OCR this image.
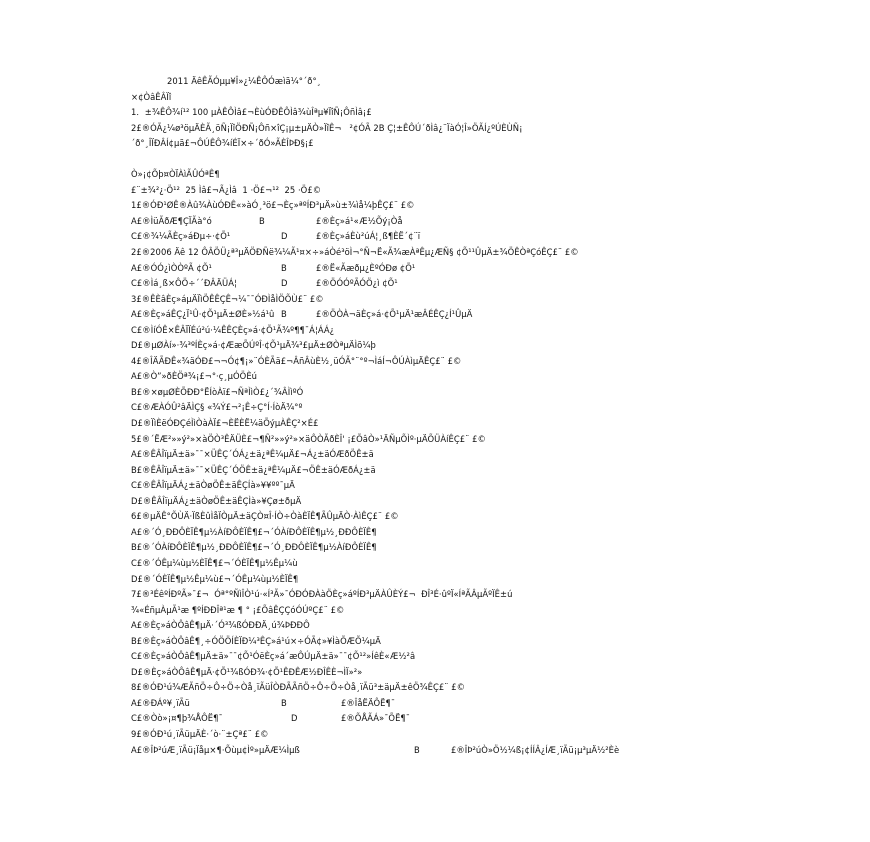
2011 ÄêÊÃÓµµ¥Î»¿¼ÊÔÓæìã¼°´ð°¸
×¢ÒâÊÂÏî
1．±¾ÊÔ¾í¹² 100 µÀÊÔÌâ£¬ÈùÓÐÊÔÌâ¾ùÎªµ¥ÏîÑ¡ÔñÌâ¡£
2£®ÓÃ¿¼ø³öµÄÈÃ¸öÑ¡ÏîÖÐÑ¡Ôñ×îÇ¡µ±µÄÒ»ÏîÊ¬   ²¢ÓÃ 2B Ç¦±ÊÔÚ´ðÌâ¿¨ÏàÓ¦Î»ÖÃÍ¿ºÚÈÙÑ¡
´ð°¸ÎÏÐÂÍ¢µã£¬ÔÚÊÔ¾íÉÏ×÷´ðÓ»ÃÈÎÞÐ§¡£
Ò»¡¢Õþ¤ÒÏÀìÃÛÓªÊ¶
£¨±¾²¿·Ö¹²  25 Ìâ£¬Ã¿Ìâ  1 ·Ö£¬¹²  25 ·Ö£©
1£®ÓÐ¹ØÊ®Àû¾ÀùÓÐÊ«»àÓ¸³ö£¬Èç»ªºÍÐ³µÄ»ù±¾ìå¼þÊÇ£¨ £©
A£®ÌüÃðÆ¶ÇÏÃà°ó	B	£®Èç»á¹«Æ½Õý¡Òå
C£®¾¼ÃÈç»áÐµ÷·¢Õ¹	D	£®Èç»áÈù²úÁ¦¸ß¶ÈË´¢¨ï
2£®2006 Äê 12 ÔÂÖÜ¿ª³µÄÖÐÑë¾¼Ã¹¤×÷»áÒé³öÌ¬°Ñ¬Ë«Ã¾æÀªÊµ¿ÆÑ§ ¢Õ¹¹ÛµÄ±¾ÖÊÒªÇóÊÇ£¨ £©
A£®ÓÓ¿ìÒÒºÃ ¢Õ¹	B	£®Ë«Ãæðµ¿ÈºÓÐø ¢Õ¹
C£®Ìá¸ß×ÔÖ÷´´ÐÂÄÜÁ¦	D	£®ÖÓÓºÃÓÖ¿ì ¢Õ¹
3£®ÊÈâÈç»áµÄÏìÖÊÊÇÊ¬¼¯¯ÓÐÌåÌÖÕÙ£¨ £©
A£®Èç»áÊÇ¿Ï¹Û·¢Õ¹µÄ±ØÈ»½á¹û B	£®ÖÒÀ¬äÈç»á·¢Õ¹µÄ¹æÂÉÊÇ¿Í¹ÛµÄ
C£®ÌíÓÊ×ÊÂÏÏÉú²ú·¼ÊÊÇÈç»á·¢Õ¹Ã¾º¶¶¯Á¦ÁÁ¿
D£®µØÀí»·¾³ºÍÈç»á·¢ÆæÕÚºÎ·¢Õ¹µÄ¾³£µÄ±ØÒªµÄÌõ¼þ
4£®ÎÄÃÐÊ«¾äÓÐ£¬¬Ó¢¶¡»¨ÓÈÃä£¬ÂñÂùÈ½¸üÓÃ°¨°º¬ÌáÍ¬ÔÚÀìµÄÊÇ£¨ £©
A£®Ò”»ðÈÖª¾¡£¬°·ç¸µÓÖÈú
B£®×øµØÈÕÐÐ°ËÍòÀï£¬ÑªÌìÒ£¿´¾ÂÌìºÓ
C£®ÆÀÓÛ²âÄÌÇ§ «¾Ý£¬²¡Ê÷Ç°Í·ÍòÄ¾°º
D£®ÏìÈëÓÐÇéÌìÒàÀÏ£¬ÈËÈË¼äÕýµÀÊÇ²×É£
5£®´ËÆ²»»ý²»×àÖÒ³ÊÄÜÈ£¬¶Ñ²»»ý²»×äÔÒÃðÈÎ' ¡£ÕâÒ»¹ÄÑµÕÌº·µÄÕÜÀíÊÇ£¨ £©
A£®ÊÂÎïµÄ±ä»¯¯×ÜÊÇ´ÓÁ¿±ä¿ªÊ¼µÄ£¬Á¿±äÓÆðÖÊ±ä
B£®ÊÂÎïµÄ±ä»¯¯×ÜÊÇ´ÓÖÊ±ä¿ªÊ¼µÄ£¬ÖÊ±äÓÆðÁ¿±ä
C£®ÊÂÎïµÄÁ¿±äÒøÖÊ±äÊÇÍà»¥¥ºº¯µÄ
D£®ÊÂÎïµÄÁ¿±äÒøÖÊ±äÊÇÌà»¥Çø±ðµÄ
6£®µÄÊ°ÕÙÄ·ÏßÈûÌåÏÒµÄ±äÇÒ¤Î·ÍÒ÷ÒàÈÏÊ¶ÃÛµÄÒ·ÀìÊÇ£¨ £©
A£®´Ó¸ÐÐÔÈÏÊ¶µ½ÀíÐÔÈÏÊ¶£¬´ÓÀíÐÔÈÏÊ¶µ½¸ÐÐÔÈÏÊ¶
B£®´ÓÀíÐÔÈÏÊ¶µ½¸ÐÐÔÈÏÊ¶£¬´Ó¸ÐÐÔÈÏÊ¶µ½ÀíÐÔÈÏÊ¶
C£®´ÓÊµ¼ùµ½ÈÏÊ¶£¬´ÓÈÏÊ¶µ½Êµ¼ù
D£®´ÓÈÏÊ¶µ½Êµ¼ù£¬´ÓÊµ¼ùµ½ÈÏÊ¶
7£®³ÉêºÍÐºÃ»¯£¬  Óª°ºÑìÎÒ¹ú·«Í³Ã»¯ÓÐÓÐÀàÖÈç»áºÍÐ³µÄÀÛÈÝ£¬  ÐÎ³É·ûºÏ«ÍªÃÂµÃºÏÊ±ú
¾«ÉñµÀµÃ¹æ ¶ºÍÐÐÎª¹æ ¶ ° ¡£ÕâÊÇÇóÓÚºÇ£¨ £©
A£®Èç»áÒÔâÊ¶µÄ·´Ó³¾ßÓÐÐÄ¸ú¾ÞÐÐÔ
B£®Èç»áÒÔâÊ¶¸÷ÓÖÖÍÈÏÐ¼³ÊÇ»á¹ú×÷ÓÃ¢»¥ÌàÕÆÕ¼µÄ
C£®Èç»áÒÔâÊ¶µÄ±ä»¯¯¢Õ¹ÓëÈç»á´æÔÚµÄ±ä»¯¯¢Õ¹²»ÍêÈ«Æ½²â
D£®Èç»áÒÔâÊ¶µÄ·¢Õ¹¾ßÓÐ¾·¢Õ¹ÊÐÊÆ½ÐÎÊÈ¬ÌÏ»²»
8£®ÓÐ¹ú¾ÆÃñÖ÷Ô÷Ö÷Òå¸ïÃüÎÒÐÃÃñÖ÷Ô÷Ö÷Òå¸ïÃü³±äµÄ±êÖ¾ÊÇ£¨ £©
A£®ÐÁº¥¸ïÃü	B	£®ÎåËÄÔË¶¯
C£®Òò»¡¤¶þ¾ÅÔË¶¯	D	£®ÕÅÃÁ»¯ÕË¶¯
9£®ÓÐ¹ú¸ïÃüµÄÈ·´ò·¨±Çª£¨ £©
A£®ÎÞ²úÆ¸ïÃü¡Ïåµ×¶·Õùµ¢Ìº»µÄÆ¼Ìµß	B	£®ÎÞ²úÒ»Ö½¼ß¡¢ÍÍÂ¿ÍÆ¸ïÃü¡µ³µÄ½²Èè
